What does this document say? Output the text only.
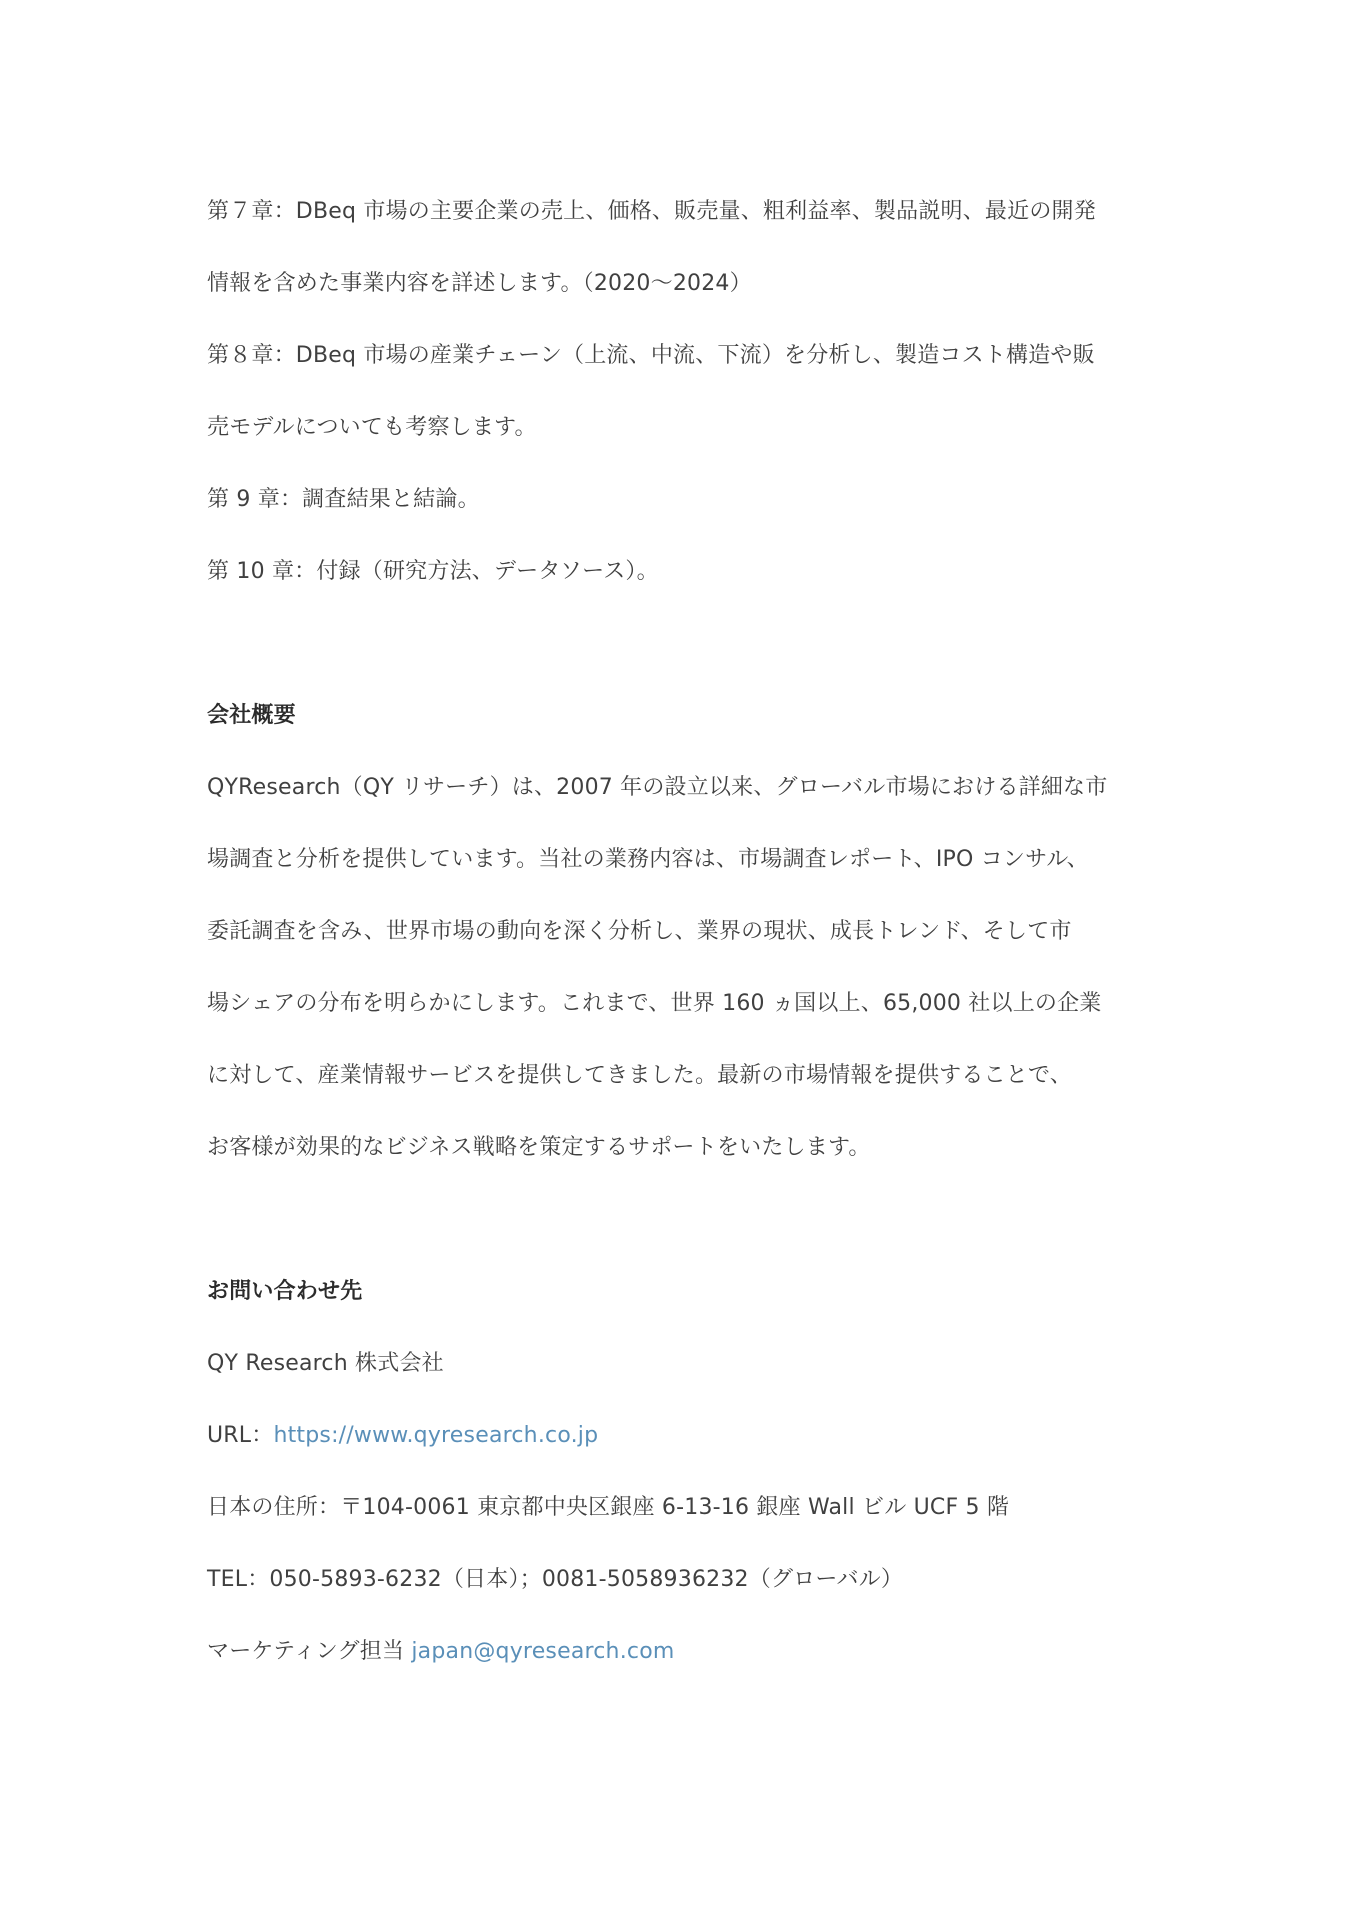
第７章：DBeq 市場の主要企業の売上、価格、販売量、粗利益率、製品説明、最近の開発
情報を含めた事業内容を詳述します。（2020～2024）
第８章：DBeq 市場の産業チェーン（上流、中流、下流）を分析し、製造コスト構造や販
売モデルについても考察します。
第 9 章：調査結果と結論。
第 10 章：付録（研究方法、データソース）。
会社概要
QYResearch（QY リサーチ）は、2007 年の設立以来、グローバル市場における詳細な市
場調査と分析を提供しています。当社の業務内容は、市場調査レポート、IPO コンサル、
委託調査を含み、世界市場の動向を深く分析し、業界の現状、成長トレンド、そして市
場シェアの分布を明らかにします。これまで、世界 160 ヵ国以上、65,000 社以上の企業
に対して、産業情報サービスを提供してきました。最新の市場情報を提供することで、
お客様が効果的なビジネス戦略を策定するサポートをいたします。
お問い合わせ先
QY Research 株式会社
URL：https://www.qyresearch.co.jp
日本の住所：〒104-0061 東京都中央区銀座 6-13-16 銀座 Wall ビル UCF 5 階
TEL：050-5893-6232（日本）；0081-5058936232（グローバル）
マーケティング担当 japan@qyresearch.com
